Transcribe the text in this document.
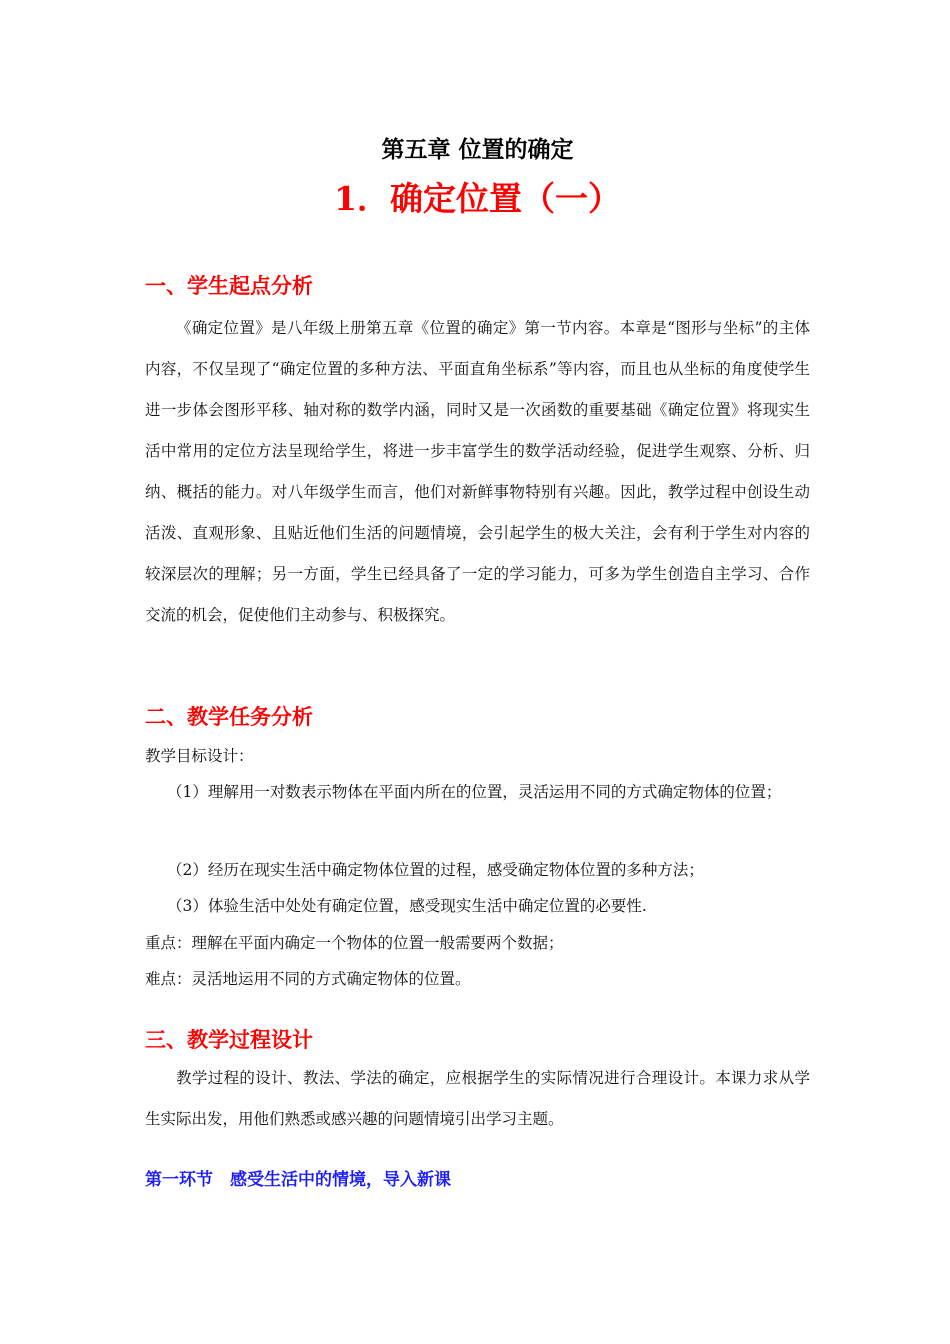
第五章 位置的确定
1．确定位置（一）
一、学生起点分析

《确定位置》是八年级上册第五章《位置的确定》第一节内容。本章是“图形与坐标”的主体内容，不仅呈现了“确定位置的多种方法、平面直角坐标系”等内容，而且也从坐标的角度使学生进一步体会图形平移、轴对称的数学内涵，同时又是一次函数的重要基础《确定位置》将现实生活中常用的定位方法呈现给学生，将进一步丰富学生的数学活动经验，促进学生观察、分析、归纳、概括的能力。对八年级学生而言，他们对新鲜事物特别有兴趣。因此，教学过程中创设生动活泼、直观形象、且贴近他们生活的问题情境，会引起学生的极大关注，会有利于学生对内容的较深层次的理解；另一方面，学生已经具备了一定的学习能力，可多为学生创造自主学习、合作交流的机会，促使他们主动参与、积极探究。

二、教学任务分析
教学目标设计：
（1）理解用一对数表示物体在平面内所在的位置，灵活运用不同的方式确定物体的位置；
（2）经历在现实生活中确定物体位置的过程，感受确定物体位置的多种方法；
（3）体验生活中处处有确定位置，感受现实生活中确定位置的必要性.
重点：理解在平面内确定一个物体的位置一般需要两个数据；
难点：灵活地运用不同的方式确定物体的位置。
三、教学过程设计

教学过程的设计、教法、学法的确定，应根据学生的实际情况进行合理设计。本课力求从学生实际出发，用他们熟悉或感兴趣的问题情境引出学习主题。

第一环节　感受生活中的情境，导入新课
